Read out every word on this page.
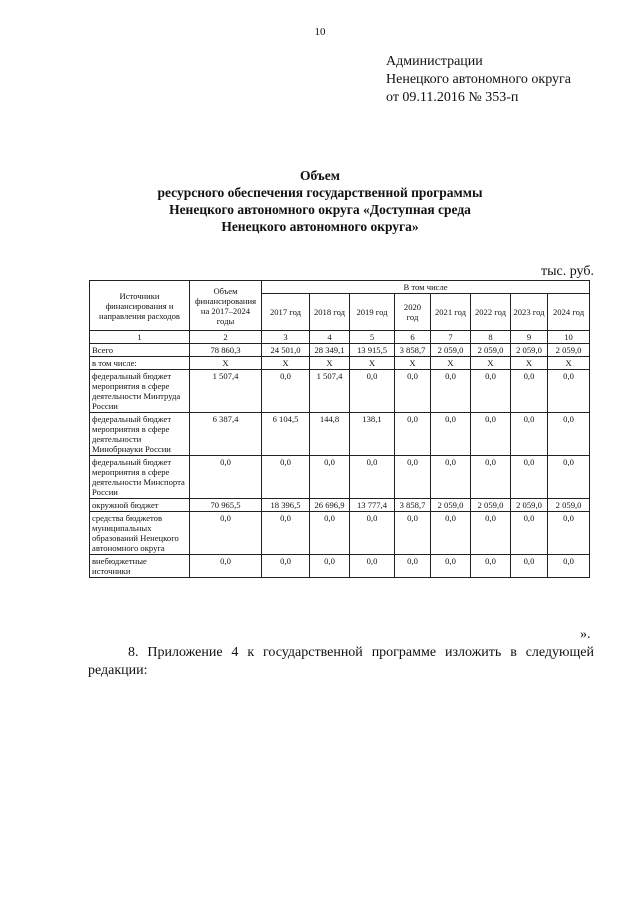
10
Администрации
Ненецкого автономного округа
от 09.11.2016 № 353-п
Объем
ресурсного обеспечения государственной программы
Ненецкого автономного округа «Доступная среда
Ненецкого автономного округа»
тыс. руб.
Источники финансирования и направления расходов	Объем финансирования на 2017–2024 годы	В том числе							
		2017 год	2018 год	2019 год	2020 год	2021 год	2022 год	2023 год	2024 год
1	2	3	4	5	6	7	8	9	10
Всего	78 860,3	24 501,0	28 349,1	13 915,5	3 858,7	2 059,0	2 059,0	2 059,0	2 059,0
в том числе:	X	X	X	X	X	X	X	X	X
федеральный бюджет мероприятия в сфере деятельности Минтруда России	1 507,4	0,0	1 507,4	0,0	0,0	0,0	0,0	0,0	0,0
федеральный бюджет мероприятия в сфере деятельности Минобрнауки России	6 387,4	6 104,5	144,8	138,1	0,0	0,0	0,0	0,0	0,0
федеральный бюджет мероприятия в сфере деятельности Минспорта России	0,0	0,0	0,0	0,0	0,0	0,0	0,0	0,0	0,0
окружной бюджет	70 965,5	18 396,5	26 696,9	13 777,4	3 858,7	2 059,0	2 059,0	2 059,0	2 059,0
средства бюджетов муниципальных образований Ненецкого автономного округа	0,0	0,0	0,0	0,0	0,0	0,0	0,0	0,0	0,0
внебюджетные источники	0,0	0,0	0,0	0,0	0,0	0,0	0,0	0,0	0,0
».
8. Приложение 4 к государственной программе изложить в следующей редакции:
